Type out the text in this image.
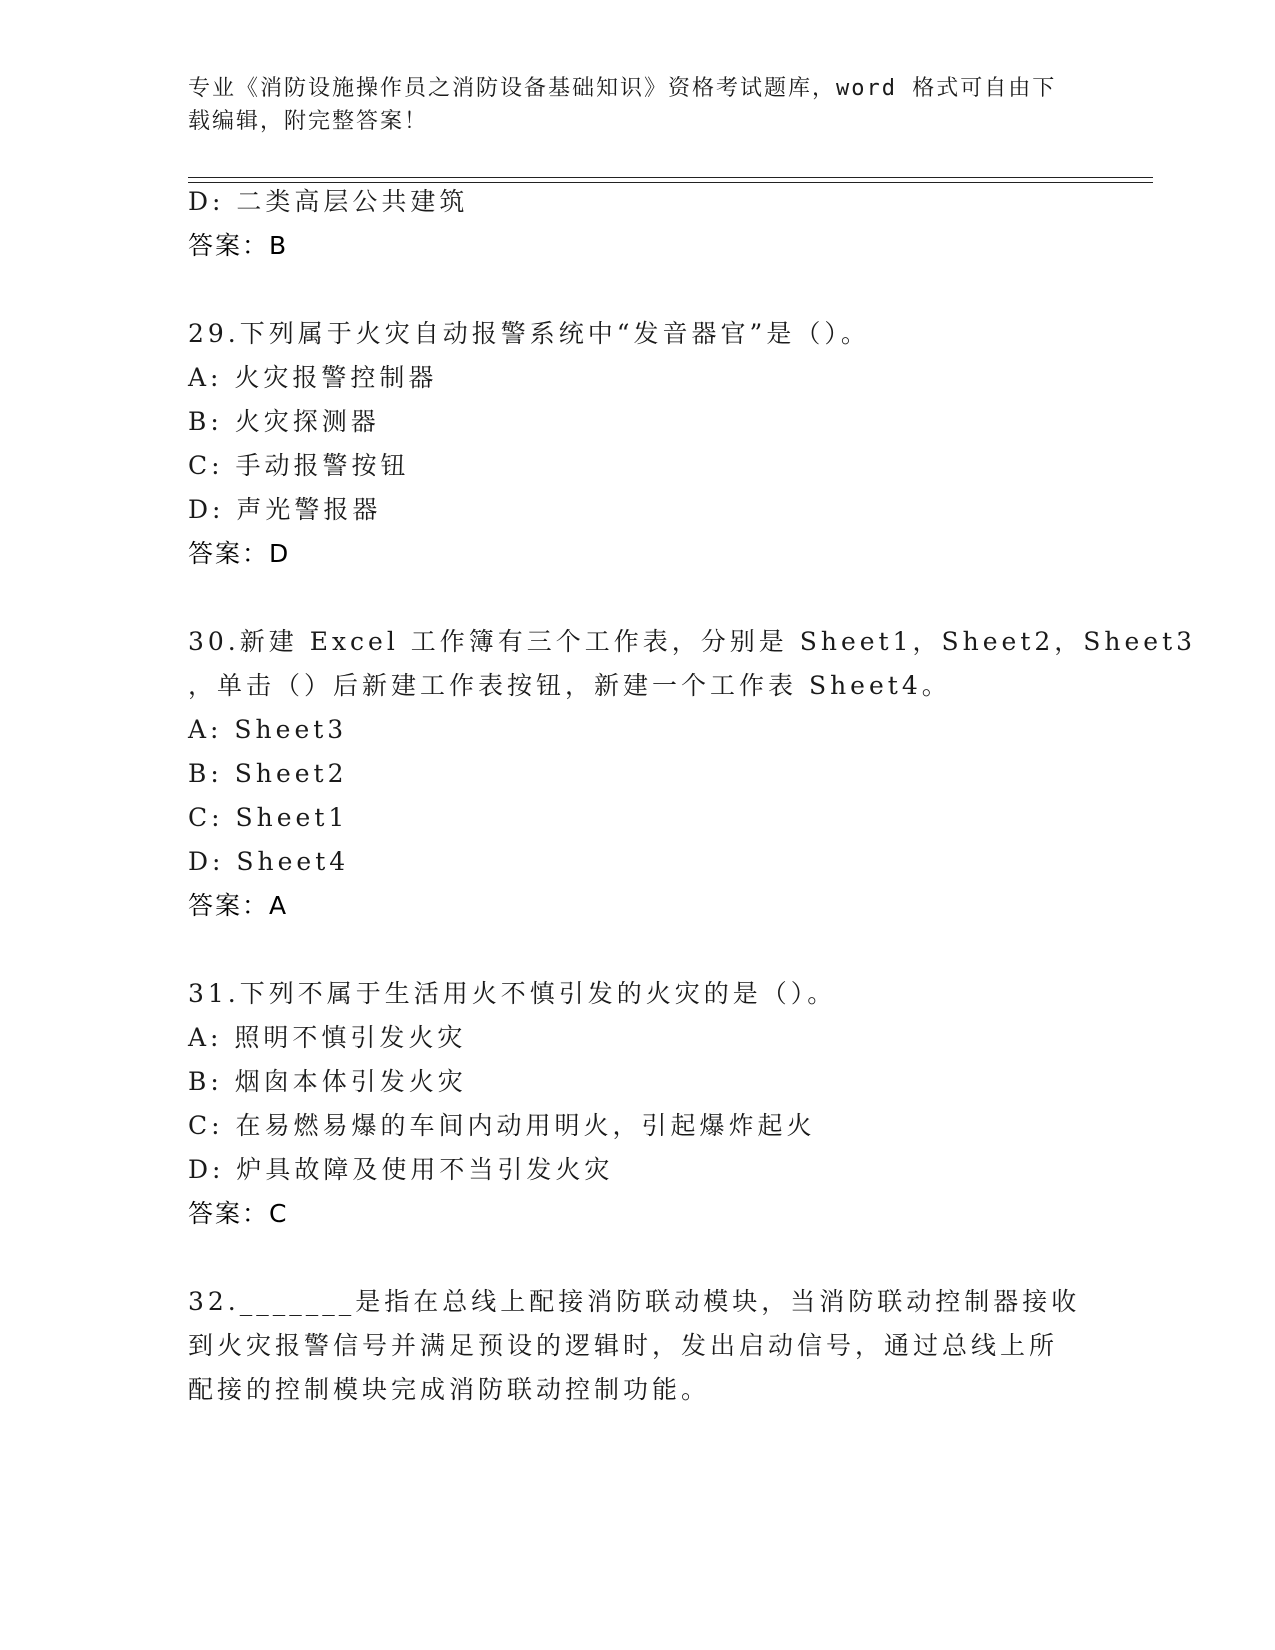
专业《消防设施操作员之消防设备基础知识》资格考试题库，word 格式可自由下
载编辑，附完整答案！
D: 二类高层公共建筑
答案：B
29.下列属于火灾自动报警系统中“发音器官”是（）。
A: 火灾报警控制器
B: 火灾探测器
C: 手动报警按钮
D: 声光警报器
答案：D
30.新建 Excel 工作簿有三个工作表，分别是 Sheet1，Sheet2，Sheet3
，单击（）后新建工作表按钮，新建一个工作表 Sheet4。
A: Sheet3
B: Sheet2
C: Sheet1
D: Sheet4
答案：A
31.下列不属于生活用火不慎引发的火灾的是（）。
A: 照明不慎引发火灾
B: 烟囱本体引发火灾
C: 在易燃易爆的车间内动用明火，引起爆炸起火
D: 炉具故障及使用不当引发火灾
答案：C
32._______是指在总线上配接消防联动模块，当消防联动控制器接收
到火灾报警信号并满足预设的逻辑时，发出启动信号，通过总线上所
配接的控制模块完成消防联动控制功能。
